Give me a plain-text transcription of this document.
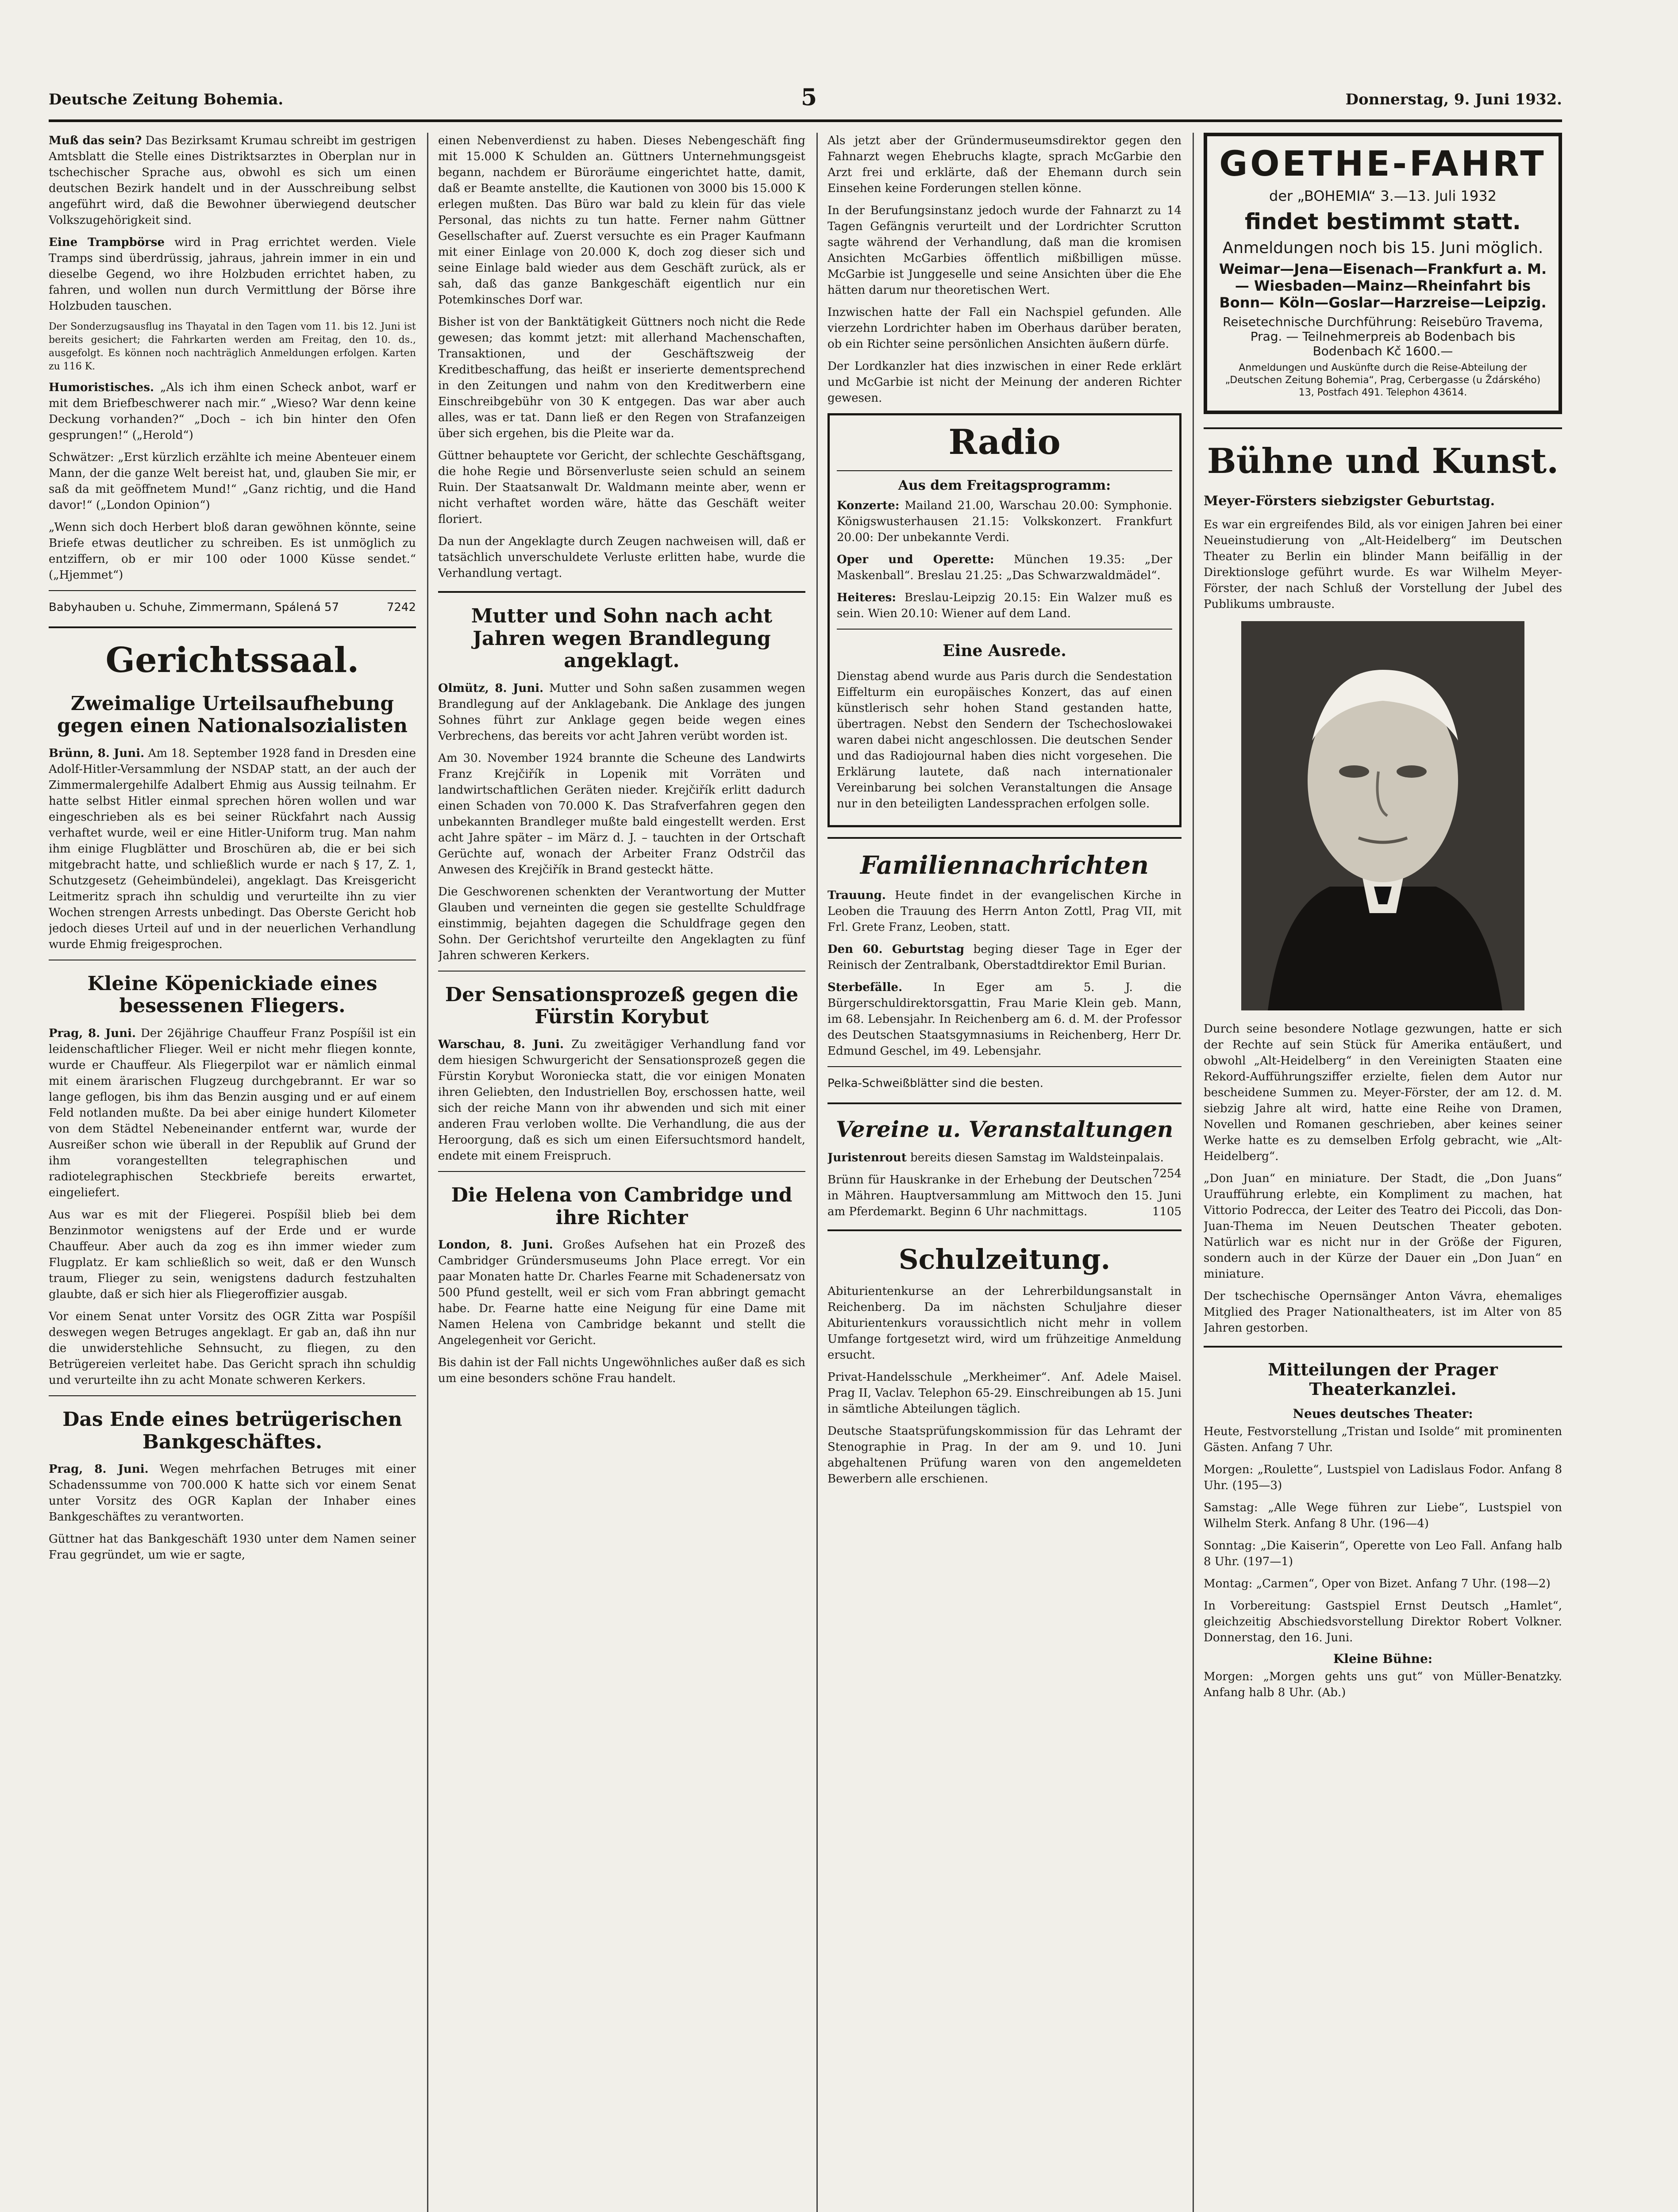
Deutsche Zeitung Bohemia.	5	Donnerstag, 9. Juni 1932.

Muß das sein? Das Bezirksamt Krumau schreibt im gestrigen Amtsblatt die Stelle eines Distriktsarztes in Oberplan nur in tschechischer Sprache aus, obwohl es sich um einen deutschen Bezirk handelt und in der Ausschreibung selbst angeführt wird, daß die Bewohner überwiegend deutscher Volkszugehörigkeit sind.

Eine Trampbörse wird in Prag errichtet werden. Viele Tramps sind überdrüssig, jahraus, jahrein immer in ein und dieselbe Gegend, wo ihre Holzbuden errichtet haben, zu fahren, und wollen nun durch Vermittlung der Börse ihre Holzbuden tauschen.

Der Sonderzugsausflug ins Thayatal in den Tagen vom 11. bis 12. Juni ist bereits gesichert; die Fahrkarten werden am Freitag, den 10. ds., ausgefolgt. Es können noch nachträglich Anmeldungen erfolgen. Karten zu 116 K.

Humoristisches. „Als ich ihm einen Scheck anbot, warf er mit dem Briefbeschwerer nach mir.“ „Wieso? War denn keine Deckung vorhanden?“ „Doch – ich bin hinter den Ofen gesprungen!“ („Herold“)

Schwätzer: „Erst kürzlich erzählte ich meine Abenteuer einem Mann, der die ganze Welt bereist hat, und, glauben Sie mir, er saß da mit geöffnetem Mund!“ „Ganz richtig, und die Hand davor!“ („London Opinion“)

„Wenn sich doch Herbert bloß daran gewöhnen könnte, seine Briefe etwas deutlicher zu schreiben. Es ist unmöglich zu entziffern, ob er mir 100 oder 1000 Küsse sendet.“ („Hjemmet“)

Babyhauben u. Schuhe, Zimmermann, Spálená 57	7242
Gerichtssaal.
Zweimalige Urteilsaufhebung gegen einen Nationalsozialisten

Brünn, 8. Juni. Am 18. September 1928 fand in Dresden eine Adolf-Hitler-Versammlung der NSDAP statt, an der auch der Zimmermalergehilfe Adalbert Ehmig aus Aussig teilnahm. Er hatte selbst Hitler einmal sprechen hören wollen und war eingeschrieben als es bei seiner Rückfahrt nach Aussig verhaftet wurde, weil er eine Hitler-Uniform trug. Man nahm ihm einige Flugblätter und Broschüren ab, die er bei sich mitgebracht hatte, und schließlich wurde er nach § 17, Z. 1, Schutzgesetz (Geheimbündelei), angeklagt. Das Kreisgericht Leitmeritz sprach ihn schuldig und verurteilte ihn zu vier Wochen strengen Arrests unbedingt. Das Oberste Gericht hob jedoch dieses Urteil auf und in der neuerlichen Verhandlung wurde Ehmig freigesprochen.

Kleine Köpenickiade eines besessenen Fliegers.

Prag, 8. Juni. Der 26jährige Chauffeur Franz Pospíšil ist ein leidenschaftlicher Flieger. Weil er nicht mehr fliegen konnte, wurde er Chauffeur. Als Fliegerpilot war er nämlich einmal mit einem ärarischen Flugzeug durchgebrannt. Er war so lange geflogen, bis ihm das Benzin ausging und er auf einem Feld notlanden mußte. Da bei aber einige hundert Kilometer von dem Städtel Nebeneinander entfernt war, wurde der Ausreißer schon wie überall in der Republik auf Grund der ihm vorangestellten telegraphischen und radiotelegraphischen Steckbriefe bereits erwartet, eingeliefert.

Aus war es mit der Fliegerei. Pospíšil blieb bei dem Benzinmotor wenigstens auf der Erde und er wurde Chauffeur. Aber auch da zog es ihn immer wieder zum Flugplatz. Er kam schließlich so weit, daß er den Wunsch traum, Flieger zu sein, wenigstens dadurch festzuhalten glaubte, daß er sich hier als Fliegeroffizier ausgab.

Vor einem Senat unter Vorsitz des OGR Zitta war Pospíšil deswegen wegen Betruges angeklagt. Er gab an, daß ihn nur die unwiderstehliche Sehnsucht, zu fliegen, zu den Betrügereien verleitet habe. Das Gericht sprach ihn schuldig und verurteilte ihn zu acht Monate schweren Kerkers.

Das Ende eines betrügerischen Bankgeschäftes.

Prag, 8. Juni. Wegen mehrfachen Betruges mit einer Schadenssumme von 700.000 K hatte sich vor einem Senat unter Vorsitz des OGR Kaplan der Inhaber eines Bankgeschäftes zu verantworten.

Güttner hat das Bankgeschäft 1930 unter dem Namen seiner Frau gegründet, um wie er sagte,

einen Nebenverdienst zu haben. Dieses Nebengeschäft fing mit 15.000 K Schulden an. Güttners Unternehmungsgeist begann, nachdem er Büroräume eingerichtet hatte, damit, daß er Beamte anstellte, die Kautionen von 3000 bis 15.000 K erlegen mußten. Das Büro war bald zu klein für das viele Personal, das nichts zu tun hatte. Ferner nahm Güttner Gesellschafter auf. Zuerst versuchte es ein Prager Kaufmann mit einer Einlage von 20.000 K, doch zog dieser sich und seine Einlage bald wieder aus dem Geschäft zurück, als er sah, daß das ganze Bankgeschäft eigentlich nur ein Potemkinsches Dorf war.

Bisher ist von der Banktätigkeit Güttners noch nicht die Rede gewesen; das kommt jetzt: mit allerhand Machenschaften, Transaktionen, und der Geschäftszweig der Kreditbeschaffung, das heißt er inserierte dementsprechend in den Zeitungen und nahm von den Kreditwerbern eine Einschreibgebühr von 30 K entgegen. Das war aber auch alles, was er tat. Dann ließ er den Regen von Strafanzeigen über sich ergehen, bis die Pleite war da.

Güttner behauptete vor Gericht, der schlechte Geschäftsgang, die hohe Regie und Börsenverluste seien schuld an seinem Ruin. Der Staatsanwalt Dr. Waldmann meinte aber, wenn er nicht verhaftet worden wäre, hätte das Geschäft weiter floriert.

Da nun der Angeklagte durch Zeugen nachweisen will, daß er tatsächlich unverschuldete Verluste erlitten habe, wurde die Verhandlung vertagt.

Mutter und Sohn nach acht Jahren wegen Brandlegung angeklagt.

Olmütz, 8. Juni. Mutter und Sohn saßen zusammen wegen Brandlegung auf der Anklagebank. Die Anklage des jungen Sohnes führt zur Anklage gegen beide wegen eines Verbrechens, das bereits vor acht Jahren verübt worden ist.

Am 30. November 1924 brannte die Scheune des Landwirts Franz Krejčiřík in Lopenik mit Vorräten und landwirtschaftlichen Geräten nieder. Krejčiřík erlitt dadurch einen Schaden von 70.000 K. Das Strafverfahren gegen den unbekannten Brandleger mußte bald eingestellt werden. Erst acht Jahre später – im März d. J. – tauchten in der Ortschaft Gerüchte auf, wonach der Arbeiter Franz Odstrčil das Anwesen des Krejčiřík in Brand gesteckt hätte.

Die Geschworenen schenkten der Verantwortung der Mutter Glauben und verneinten die gegen sie gestellte Schuldfrage einstimmig, bejahten dagegen die Schuldfrage gegen den Sohn. Der Gerichtshof verurteilte den Angeklagten zu fünf Jahren schweren Kerkers.

Der Sensationsprozeß gegen die Fürstin Korybut

Warschau, 8. Juni. Zu zweitägiger Verhandlung fand vor dem hiesigen Schwurgericht der Sensationsprozeß gegen die Fürstin Korybut Woroniecka statt, die vor einigen Monaten ihren Geliebten, den Industriellen Boy, erschossen hatte, weil sich der reiche Mann von ihr abwenden und sich mit einer anderen Frau verloben wollte. Die Verhandlung, die aus der Heroorgung, daß es sich um einen Eifersuchtsmord handelt, endete mit einem Freispruch.

Die Helena von Cambridge und ihre Richter

London, 8. Juni. Großes Aufsehen hat ein Prozeß des Cambridger Gründersmuseums John Place erregt. Vor ein paar Monaten hatte Dr. Charles Fearne mit Schadenersatz von 500 Pfund gestellt, weil er sich vom Fran abbringt gemacht habe. Dr. Fearne hatte eine Neigung für eine Dame mit Namen Helena von Cambridge bekannt und stellt die Angelegenheit vor Gericht.

Bis dahin ist der Fall nichts Ungewöhnliches außer daß es sich um eine besonders schöne Frau handelt.

Als jetzt aber der Gründermuseumsdirektor gegen den Fahnarzt wegen Ehebruchs klagte, sprach McGarbie den Arzt frei und erklärte, daß der Ehemann durch sein Einsehen keine Forderungen stellen könne.

In der Berufungsinstanz jedoch wurde der Fahnarzt zu 14 Tagen Gefängnis verurteilt und der Lordrichter Scrutton sagte während der Verhandlung, daß man die kromisen Ansichten McGarbies öffentlich mißbilligen müsse. McGarbie ist Junggeselle und seine Ansichten über die Ehe hätten darum nur theoretischen Wert.

Inzwischen hatte der Fall ein Nachspiel gefunden. Alle vierzehn Lordrichter haben im Oberhaus darüber beraten, ob ein Richter seine persönlichen Ansichten äußern dürfe.

Der Lordkanzler hat dies inzwischen in einer Rede erklärt und McGarbie ist nicht der Meinung der anderen Richter gewesen.

Radio
Aus dem Freitagsprogramm:

Konzerte: Mailand 21.00, Warschau 20.00: Symphonie. Königswusterhausen 21.15: Volkskonzert. Frankfurt 20.00: Der unbekannte Verdi.

Oper und Operette: München 19.35: „Der Maskenball“. Breslau 21.25: „Das Schwarzwaldmädel“.

Heiteres: Breslau-Leipzig 20.15: Ein Walzer muß es sein. Wien 20.10: Wiener auf dem Land.

Eine Ausrede.

Dienstag abend wurde aus Paris durch die Sendestation Eiffelturm ein europäisches Konzert, das auf einen künstlerisch sehr hohen Stand gestanden hatte, übertragen. Nebst den Sendern der Tschechoslowakei waren dabei nicht angeschlossen. Die deutschen Sender und das Radiojournal haben dies nicht vorgesehen. Die Erklärung lautete, daß nach internationaler Vereinbarung bei solchen Veranstaltungen die Ansage nur in den beteiligten Landessprachen erfolgen solle.

Familiennachrichten

Trauung. Heute findet in der evangelischen Kirche in Leoben die Trauung des Herrn Anton Zottl, Prag VII, mit Frl. Grete Franz, Leoben, statt.

Den 60. Geburtstag beging dieser Tage in Eger der Reinisch der Zentralbank, Oberstadtdirektor Emil Burian.

Sterbefälle.	In Eger am 5. J. die Bürgerschuldirektorsgattin, Frau Marie Klein geb. Mann, im 68. Lebensjahr. In Reichenberg am 6. d. M. der Professor des Deutschen Staatsgymnasiums in Reichenberg, Herr Dr. Edmund Geschel, im 49. Lebensjahr.

Pelka-Schweißblätter sind die besten.
Vereine u. Veranstaltungen

Juristenrout bereits diesen Samstag im Waldsteinpalais.
7254

Brünn für Hauskranke in der Erhebung der Deutschen in Mähren. Hauptversammlung am Mittwoch den 15. Juni am Pferdemarkt. Beginn 6 Uhr nachmittags.	1105

Schulzeitung.

Abiturientenkurse an der Lehrerbildungsanstalt in Reichenberg. Da im nächsten Schuljahre dieser Abiturientenkurs voraussichtlich nicht mehr in vollem Umfange fortgesetzt wird, wird um frühzeitige Anmeldung ersucht.

Privat-Handelsschule „Merkheimer“. Anf. Adele Maisel. Prag II, Vaclav. Telephon 65-29. Einschreibungen ab 15. Juni in sämtliche Abteilungen täglich.

Deutsche Staatsprüfungskommission für das Lehramt der Stenographie in Prag. In der am 9. und 10. Juni abgehaltenen Prüfung waren von den angemeldeten Bewerbern alle erschienen.

GOETHE-FAHRT
der „BOHEMIA“ 3.—13. Juli 1932
findet bestimmt statt.
Anmeldungen noch bis 15. Juni möglich.
Weimar—Jena—Eisenach—Frankfurt a. M.— Wiesbaden—Mainz—Rheinfahrt bis Bonn— Köln—Goslar—Harzreise—Leipzig.
Reisetechnische Durchführung: Reisebüro Travema, Prag. — Teilnehmerpreis ab Bodenbach bis Bodenbach Kč 1600.—
Anmeldungen und Auskünfte durch die Reise-Abteilung der „Deutschen Zeitung Bohemia“, Prag, Cerbergasse (u Ždárského) 13, Postfach 491. Telephon 43614.
Bühne und Kunst.
Meyer-Försters siebzigster Geburtstag.

Es war ein ergreifendes Bild, als vor einigen Jahren bei einer Neueinstudierung von „Alt-Heidelberg“ im Deutschen Theater zu Berlin ein blinder Mann beifällig in der Direktionsloge geführt wurde. Es war Wilhelm Meyer-Förster, der nach Schluß der Vorstellung der Jubel des Publikums umbrauste.

Durch seine besondere Notlage gezwungen, hatte er sich der Rechte auf sein Stück für Amerika entäußert, und obwohl „Alt-Heidelberg“ in den Vereinigten Staaten eine Rekord-Aufführungsziffer erzielte, fielen dem Autor nur bescheidene Summen zu. Meyer-Förster, der am 12. d. M. siebzig Jahre alt wird, hatte eine Reihe von Dramen, Novellen und Romanen geschrieben, aber keines seiner Werke hatte es zu demselben Erfolg gebracht, wie „Alt-Heidelberg“.

„Don Juan“ en miniature. Der Stadt, die „Don Juans“ Uraufführung erlebte, ein Kompliment zu machen, hat Vittorio Podrecca, der Leiter des Teatro dei Piccoli, das Don-Juan-Thema im Neuen Deutschen Theater geboten. Natürlich war es nicht nur in der Größe der Figuren, sondern auch in der Kürze der Dauer ein „Don Juan“ en miniature.

Der tschechische Opernsänger Anton Vávra, ehemaliges Mitglied des Prager Nationaltheaters, ist im Alter von 85 Jahren gestorben.

Mitteilungen der Prager Theaterkanzlei.
Neues deutsches Theater:

Heute, Festvorstellung „Tristan und Isolde“ mit prominenten Gästen. Anfang 7 Uhr.

Morgen: „Roulette“, Lustspiel von Ladislaus Fodor. Anfang 8 Uhr. (195—3)

Samstag: „Alle Wege führen zur Liebe“, Lustspiel von Wilhelm Sterk. Anfang 8 Uhr. (196—4)

Sonntag: „Die Kaiserin“, Operette von Leo Fall. Anfang halb 8 Uhr. (197—1)

Montag: „Carmen“, Oper von Bizet. Anfang 7 Uhr. (198—2)

In Vorbereitung: Gastspiel Ernst Deutsch „Hamlet“, gleichzeitig Abschiedsvorstellung Direktor Robert Volkner. Donnerstag, den 16. Juni.

Kleine Bühne:

Morgen: „Morgen gehts uns gut“ von Müller-Benatzky. Anfang halb 8 Uhr. (Ab.)
